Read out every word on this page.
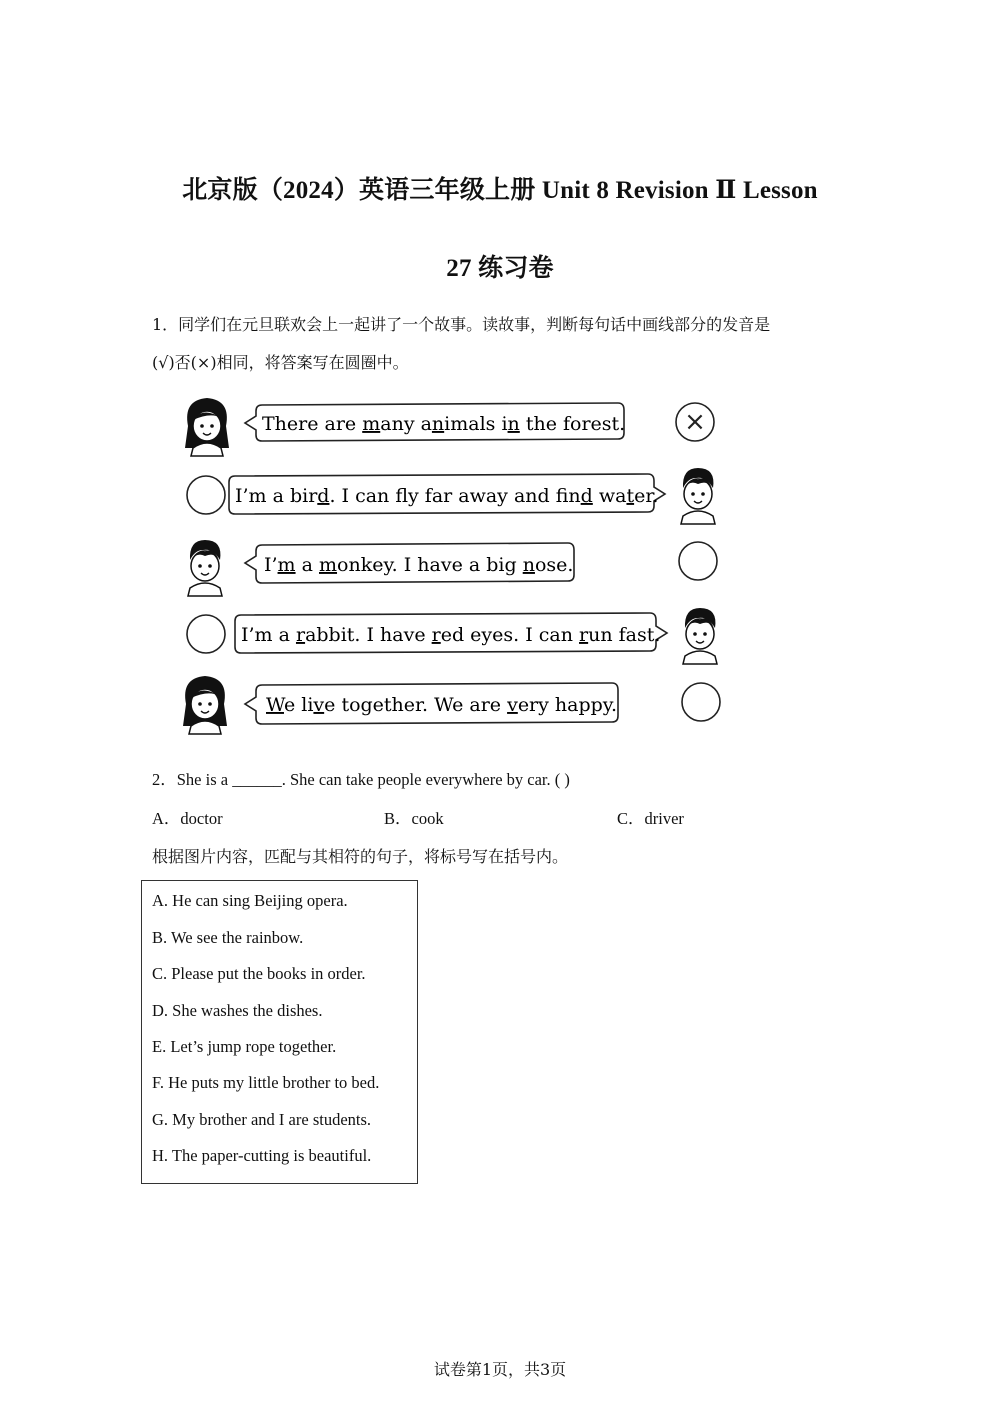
北京版（2024）英语三年级上册 Unit 8 Revision Ⅱ Lesson
27 练习卷
1．同学们在元旦联欢会上一起讲了一个故事。读故事，判断每句话中画线部分的发音是
(√)否(×)相同，将答案写在圆圈中。
There are many animals in the forest. ×
I’m a bird. I can fly far away and find water.
I’m a monkey. I have a big nose.
I’m a rabbit. I have red eyes. I can run fast.
We live together. We are very happy.
2．She is a ______. She can take people everywhere by car. ( )
A．doctor	B．cook	C．driver
根据图片内容，匹配与其相符的句子，将标号写在括号内。
A. He can sing Beijing opera.
B. We see the rainbow.
C. Please put the books in order.
D. She washes the dishes.
E. Let’s jump rope together.
F. He puts my little brother to bed.
G. My brother and I are students.
H. The paper-cutting is beautiful.
试卷第1页，共3页
